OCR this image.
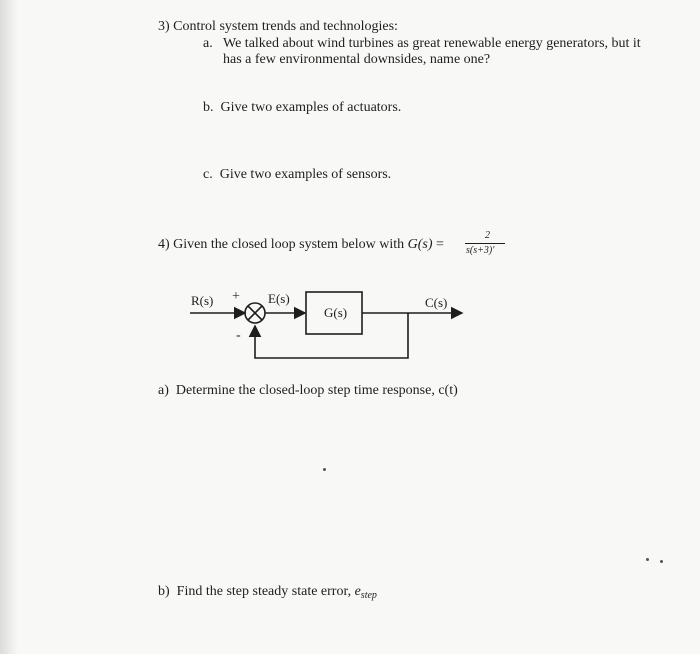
3) Control system trends and technologies:
a. We talked about wind turbines as great renewable energy generators, but it
has a few environmental downsides, name one?
b. Give two examples of actuators.
c. Give two examples of sensors.
4) Given the closed loop system below with G(s) =
2
s(s+3)'
R(s) +
-
E(s)
G(s)
C(s)
a) Determine the closed-loop step time response, c(t)
b) Find the step steady state error, $e_{step}$
